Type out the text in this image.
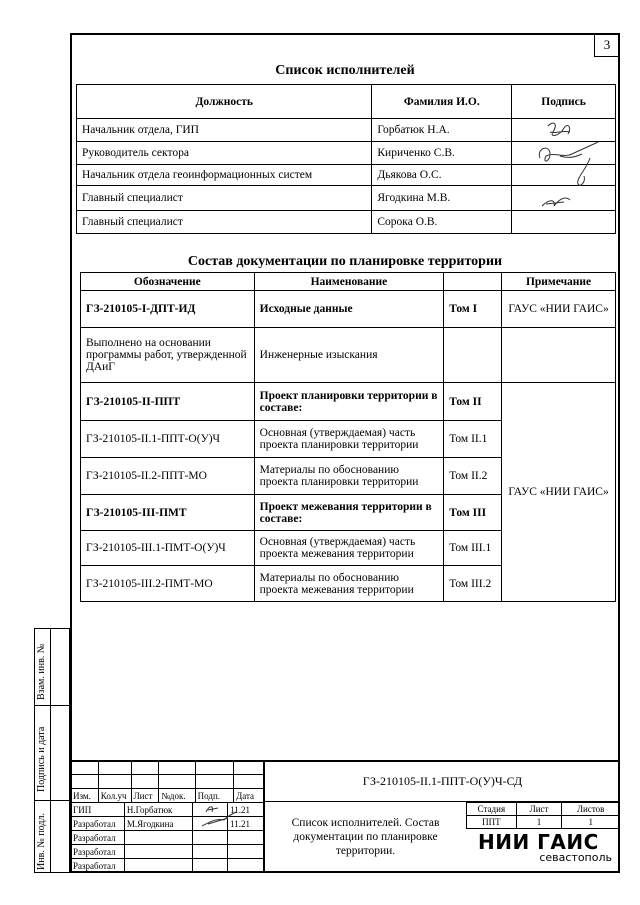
3
Список исполнителей
Должность	Фамилия И.О.	Подпись
Начальник отдела, ГИП	Горбатюк Н.А.	
Руководитель сектора	Кириченко С.В.	
Начальник отдела геоинформационных систем	Дьякова О.С.	
Главный специалист	Ягодкина М.В.	
Главный специалист	Сорока О.В.	
Состав документации по планировке территории
Обозначение	Наименование		Примечание
ГЗ-210105-I-ДПТ-ИД	Исходные данные	Том I	ГАУС «НИИ ГАИС»
Выполнено на основании программы работ, утвержденной ДАиГ	Инженерные изыскания		
ГЗ-210105-II-ППТ	Проект планировки территории в составе:	Том II	ГАУС «НИИ ГАИС»
ГЗ-210105-II.1-ППТ-О(У)Ч	Основная (утверждаемая) часть проекта планировки территории	Том II.1	
ГЗ-210105-II.2-ППТ-МО	Материалы по обоснованию проекта планировки территории	Том II.2	
ГЗ-210105-III-ПМТ	Проект межевания территории в составе:	Том III	
ГЗ-210105-III.1-ПМТ-О(У)Ч	Основная (утверждаемая) часть проекта межевания территории	Том III.1	
ГЗ-210105-III.2-ПМТ-МО	Материалы по обоснованию проекта межевания территории	Том III.2	

Изм.	Кол.уч	Лист	№док.	Подп.	Дата
ГИП	Н.Горбатюк		11.21
Разработал	М.Ягодкина		11.21
Разработал			
Разработал			
Разработал			
ГЗ-210105-II.1-ППТ-О(У)Ч-СД
Список исполнителей. Состав документации по планировке территории.
Стадия	Лист	Листов
ППТ	1	1
НИИ ГАИС
севастополь
Взам. инв. №
Подпись и дата
Инв. № подл.
